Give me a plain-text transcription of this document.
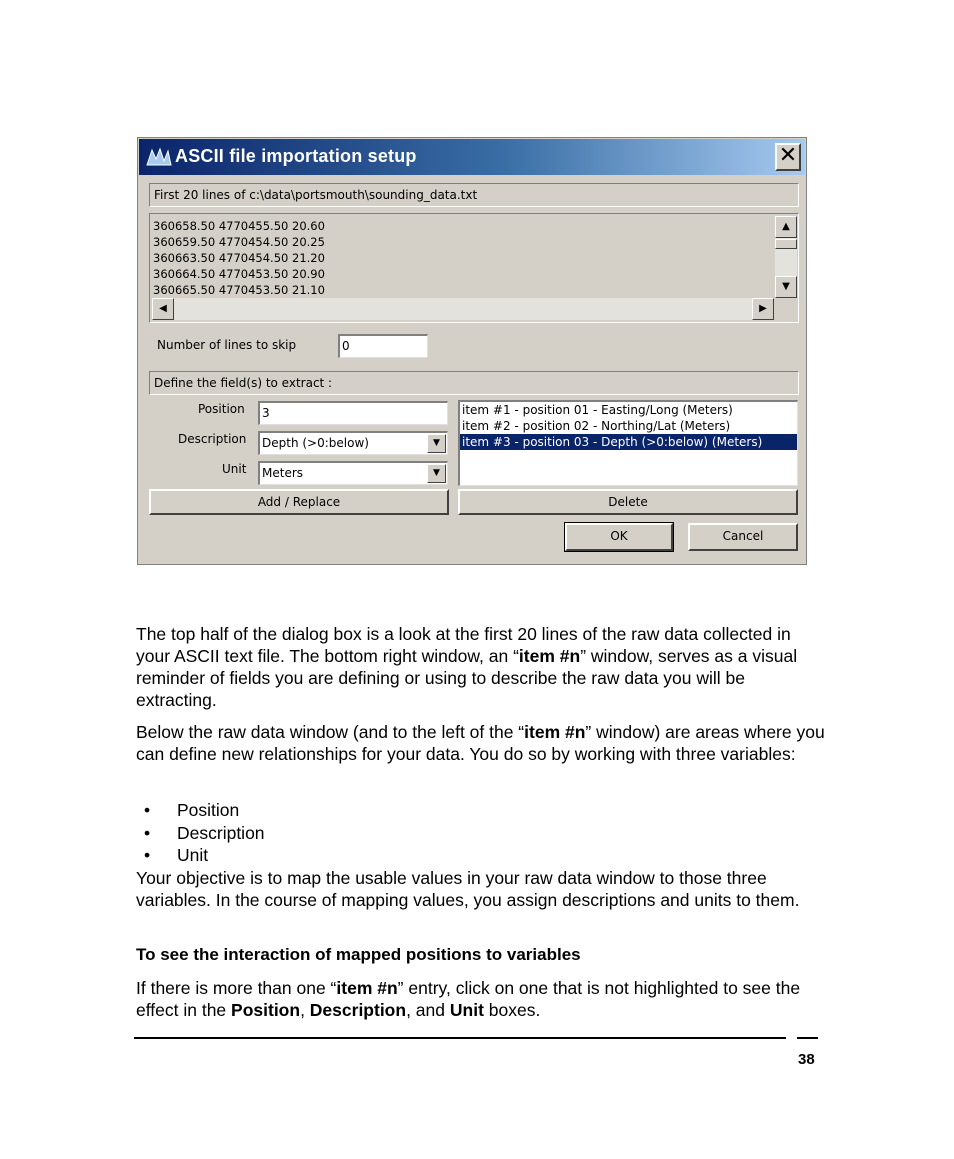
ASCII file importation setup	✕
First 20 lines of c:\data\portsmouth\sounding_data.txt
360658.50 4770455.50 20.60
360659.50 4770454.50 20.25
360663.50 4770454.50 21.20
360664.50 4770453.50 20.90
360665.50 4770453.50 21.10
▲
▼
◀	▶
Number of lines to skip	0
Define the field(s) to extract :
Position	3
Description	Depth (>0:below)	▼
Unit	Meters	▼
item #1 - position 01 - Easting/Long (Meters)
item #2 - position 02 - Northing/Lat (Meters)
item #3 - position 03 - Depth (>0:below) (Meters)
Add / Replace	Delete
OK	Cancel

The top half of the dialog box is a look at the first 20 lines of the raw data collected in your ASCII text file. The bottom right window, an “item #n” window, serves as a visual reminder of fields you are defining or using to describe the raw data you will be extracting.

Below the raw data window (and to the left of the “item #n” window) are areas where you can define new relationships for your data. You do so by working with three variables:

• Position
• Description
• Unit

Your objective is to map the usable values in your raw data window to those three variables. In the course of mapping values, you assign descriptions and units to them.

To see the interaction of mapped positions to variables

If there is more than one “item #n” entry, click on one that is not highlighted to see the effect in the Position, Description, and Unit boxes.

38
